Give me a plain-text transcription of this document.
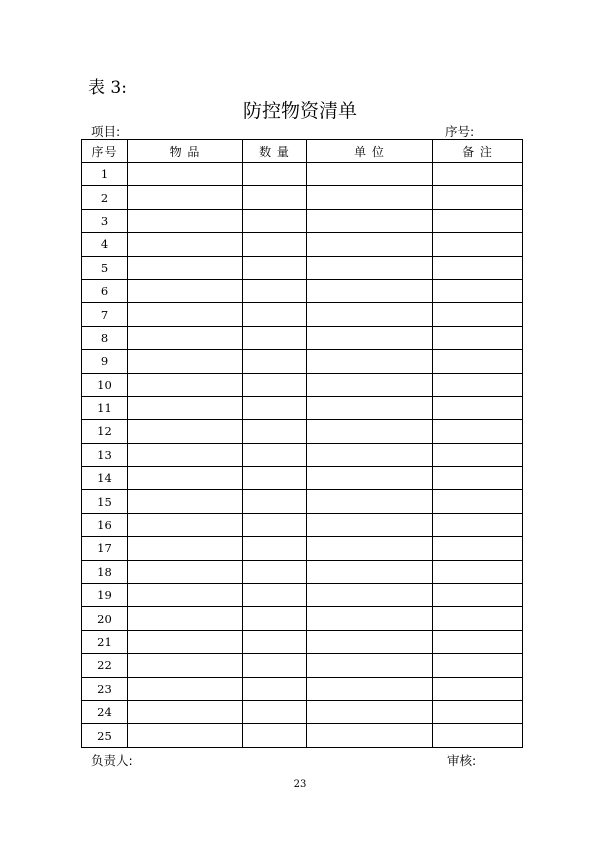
表 3:
防控物资清单
项目:	序号:
序号	物 品	数 量	单 位	备 注
1				
2				
3				
4				
5				
6				
7				
8				
9				
10				
11				
12				
13				
14				
15				
16				
17				
18				
19				
20				
21				
22				
23				
24				
25				
负责人:	审核:
23
